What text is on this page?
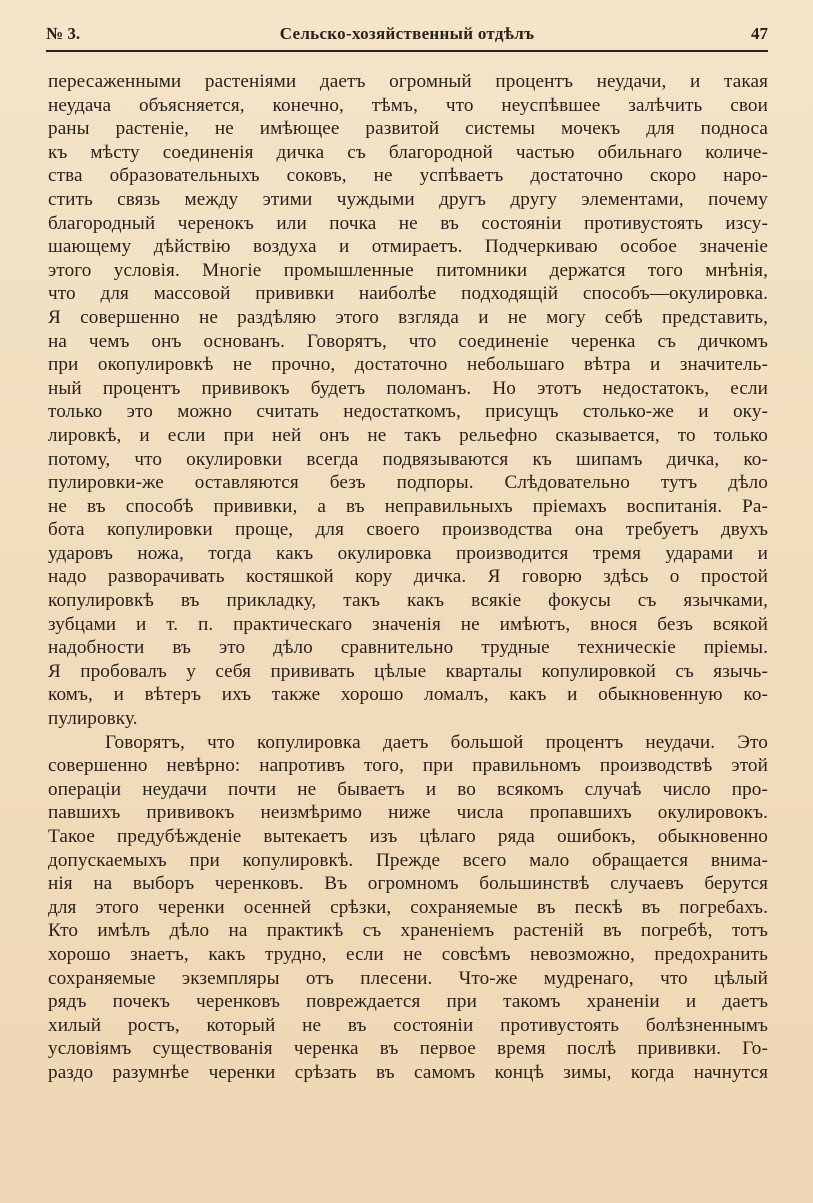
№ 3.	Сельско-хозяйственный отдѣлъ	47
пересаженными растеніями даетъ огромный процентъ неудачи, и такая
неудача объясняется, конечно, тѣмъ, что неуспѣвшее залѣчить свои
раны растеніе, не имѣющее развитой системы мочекъ для подноса
къ мѣсту соединенія дичка съ благородной частью обильнаго количе-
ства образовательныхъ соковъ, не успѣваетъ достаточно скоро наро-
стить связь между этими чуждыми другъ другу элементами, почему
благородный черенокъ или почка не въ состояніи противустоять изсу-
шающему дѣйствію воздуха и отмираетъ. Подчеркиваю особое значеніе
этого условія. Многіе промышленные питомники держатся того мнѣнія,
что для массовой прививки наиболѣе подходящій способъ—окулировка.
Я совершенно не раздѣляю этого взгляда и не могу себѣ представить,
на чемъ онъ основанъ. Говорятъ, что соединеніе черенка съ дичкомъ
при окопулировкѣ не прочно, достаточно небольшаго вѣтра и значитель-
ный процентъ прививокъ будетъ поломанъ. Но этотъ недостатокъ, если
только это можно считать недостаткомъ, присущъ столько-же и оку-
лировкѣ, и если при ней онъ не такъ рельефно сказывается, то только
потому, что окулировки всегда подвязываются къ шипамъ дичка, ко-
пулировки-же оставляются безъ подпоры. Слѣдовательно тутъ дѣло
не въ способѣ прививки, а въ неправильныхъ пріемахъ воспитанія. Ра-
бота копулировки проще, для своего производства она требуетъ двухъ
ударовъ ножа, тогда какъ окулировка производится тремя ударами и
надо разворачивать костяшкой кору дичка. Я говорю здѣсь о простой
копулировкѣ въ прикладку, такъ какъ всякіе фокусы съ язычками,
зубцами и т. п. практическаго значенія не имѣютъ, внося безъ всякой
надобности въ это дѣло сравнительно трудные техническіе пріемы.
Я пробовалъ у себя прививать цѣлые кварталы копулировкой съ язычь-
комъ, и вѣтеръ ихъ также хорошо ломалъ, какъ и обыкновенную ко-
пулировку.
Говорятъ, что копулировка даетъ большой процентъ неудачи. Это
совершенно невѣрно: напротивъ того, при правильномъ производствѣ этой
операціи неудачи почти не бываетъ и во всякомъ случаѣ число про-
павшихъ прививокъ неизмѣримо ниже числа пропавшихъ окулировокъ.
Такое предубѣжденіе вытекаетъ изъ цѣлаго ряда ошибокъ, обыкновенно
допускаемыхъ при копулировкѣ. Прежде всего мало обращается внима-
нія на выборъ черенковъ. Въ огромномъ большинствѣ случаевъ берутся
для этого черенки осенней срѣзки, сохраняемые въ пескѣ въ погребахъ.
Кто имѣлъ дѣло на практикѣ съ храненіемъ растеній въ погребѣ, тотъ
хорошо знаетъ, какъ трудно, если не совсѣмъ невозможно, предохранить
сохраняемые экземпляры отъ плесени. Что-же мудренаго, что цѣлый
рядъ почекъ черенковъ повреждается при такомъ храненіи и даетъ
хилый ростъ, который не въ состояніи противустоять болѣзненнымъ
условіямъ существованія черенка въ первое время послѣ прививки. Го-
раздо разумнѣе черенки срѣзать въ самомъ концѣ зимы, когда начнутся
